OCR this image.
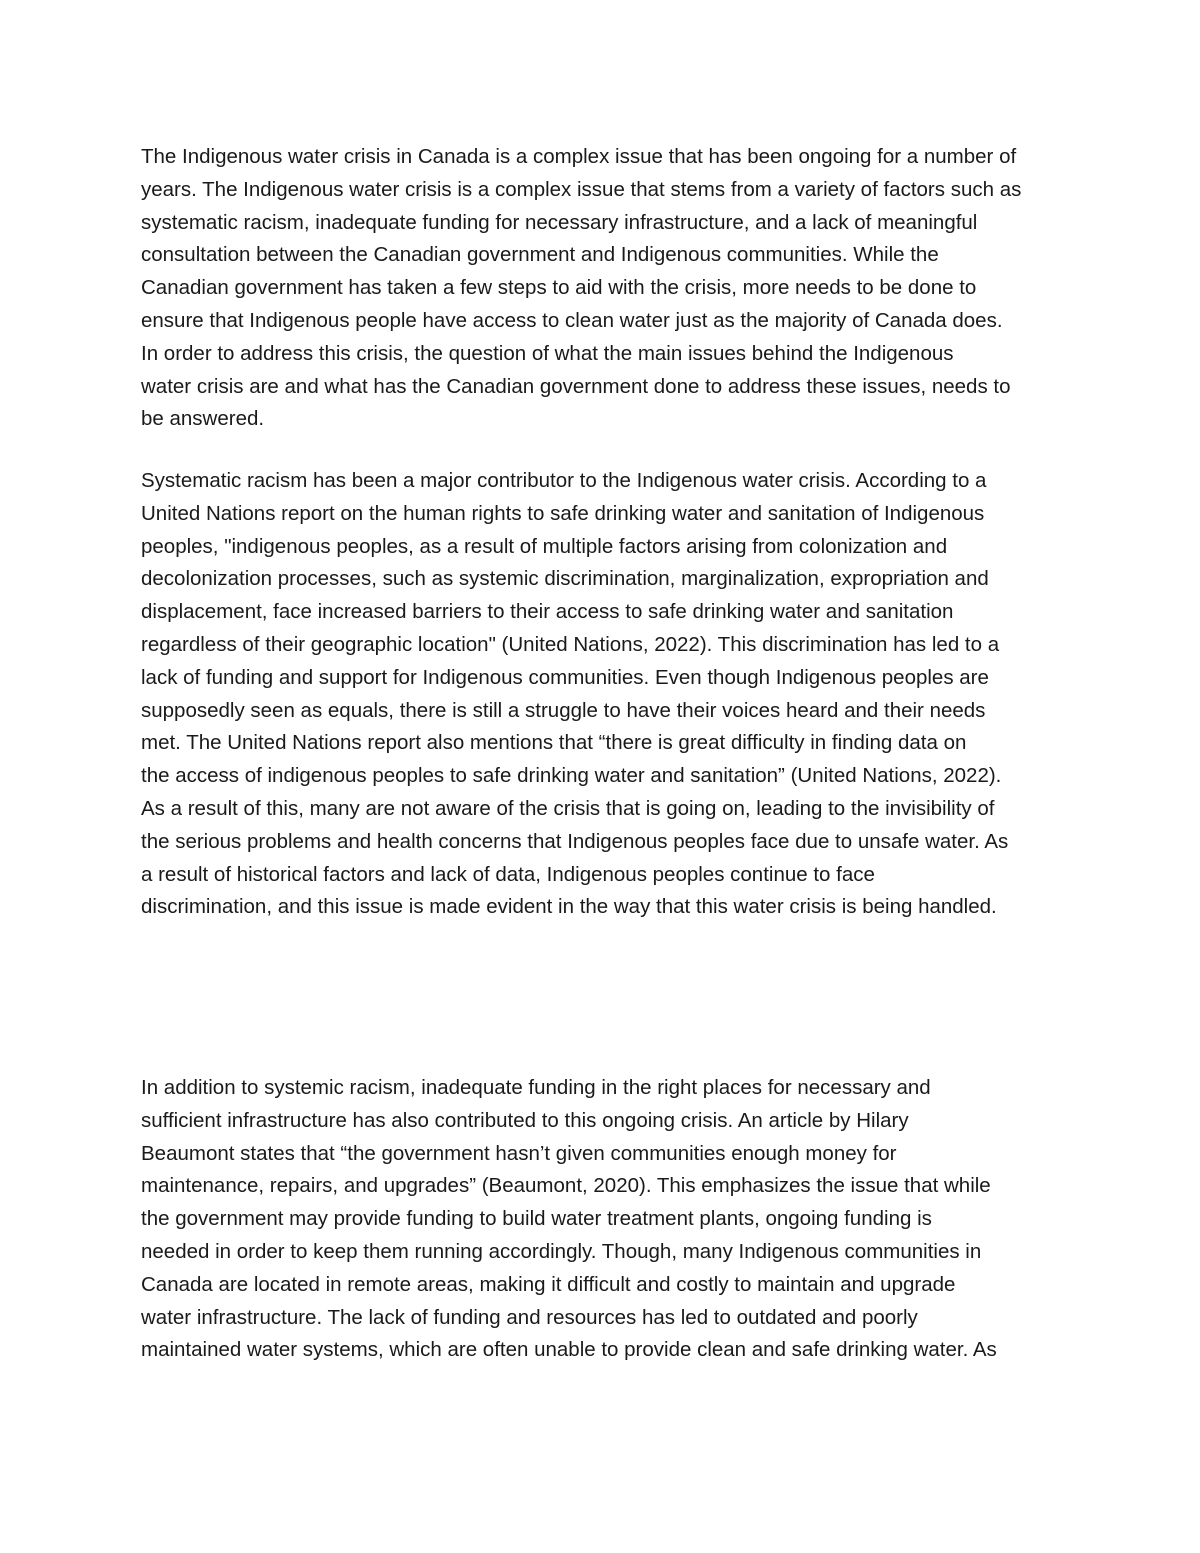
The Indigenous water crisis in Canada is a complex issue that has been ongoing for a number of
years. The Indigenous water crisis is a complex issue that stems from a variety of factors such as
systematic racism, inadequate funding for necessary infrastructure, and a lack of meaningful
consultation between the Canadian government and Indigenous communities. While the
Canadian government has taken a few steps to aid with the crisis, more needs to be done to
ensure that Indigenous people have access to clean water just as the majority of Canada does.
In order to address this crisis, the question of what the main issues behind the Indigenous
water crisis are and what has the Canadian government done to address these issues, needs to
be answered.
Systematic racism has been a major contributor to the Indigenous water crisis. According to a
United Nations report on the human rights to safe drinking water and sanitation of Indigenous
peoples, "indigenous peoples, as a result of multiple factors arising from colonization and
decolonization processes, such as systemic discrimination, marginalization, expropriation and
displacement, face increased barriers to their access to safe drinking water and sanitation
regardless of their geographic location" (United Nations, 2022). This discrimination has led to a
lack of funding and support for Indigenous communities. Even though Indigenous peoples are
supposedly seen as equals, there is still a struggle to have their voices heard and their needs
met. The United Nations report also mentions that “there is great difficulty in finding data on
the access of indigenous peoples to safe drinking water and sanitation” (United Nations, 2022).
As a result of this, many are not aware of the crisis that is going on, leading to the invisibility of
the serious problems and health concerns that Indigenous peoples face due to unsafe water. As
a result of historical factors and lack of data, Indigenous peoples continue to face
discrimination, and this issue is made evident in the way that this water crisis is being handled.
In addition to systemic racism, inadequate funding in the right places for necessary and
sufficient infrastructure has also contributed to this ongoing crisis. An article by Hilary
Beaumont states that “the government hasn’t given communities enough money for
maintenance, repairs, and upgrades” (Beaumont, 2020). This emphasizes the issue that while
the government may provide funding to build water treatment plants, ongoing funding is
needed in order to keep them running accordingly. Though, many Indigenous communities in
Canada are located in remote areas, making it difficult and costly to maintain and upgrade
water infrastructure. The lack of funding and resources has led to outdated and poorly
maintained water systems, which are often unable to provide clean and safe drinking water. As
